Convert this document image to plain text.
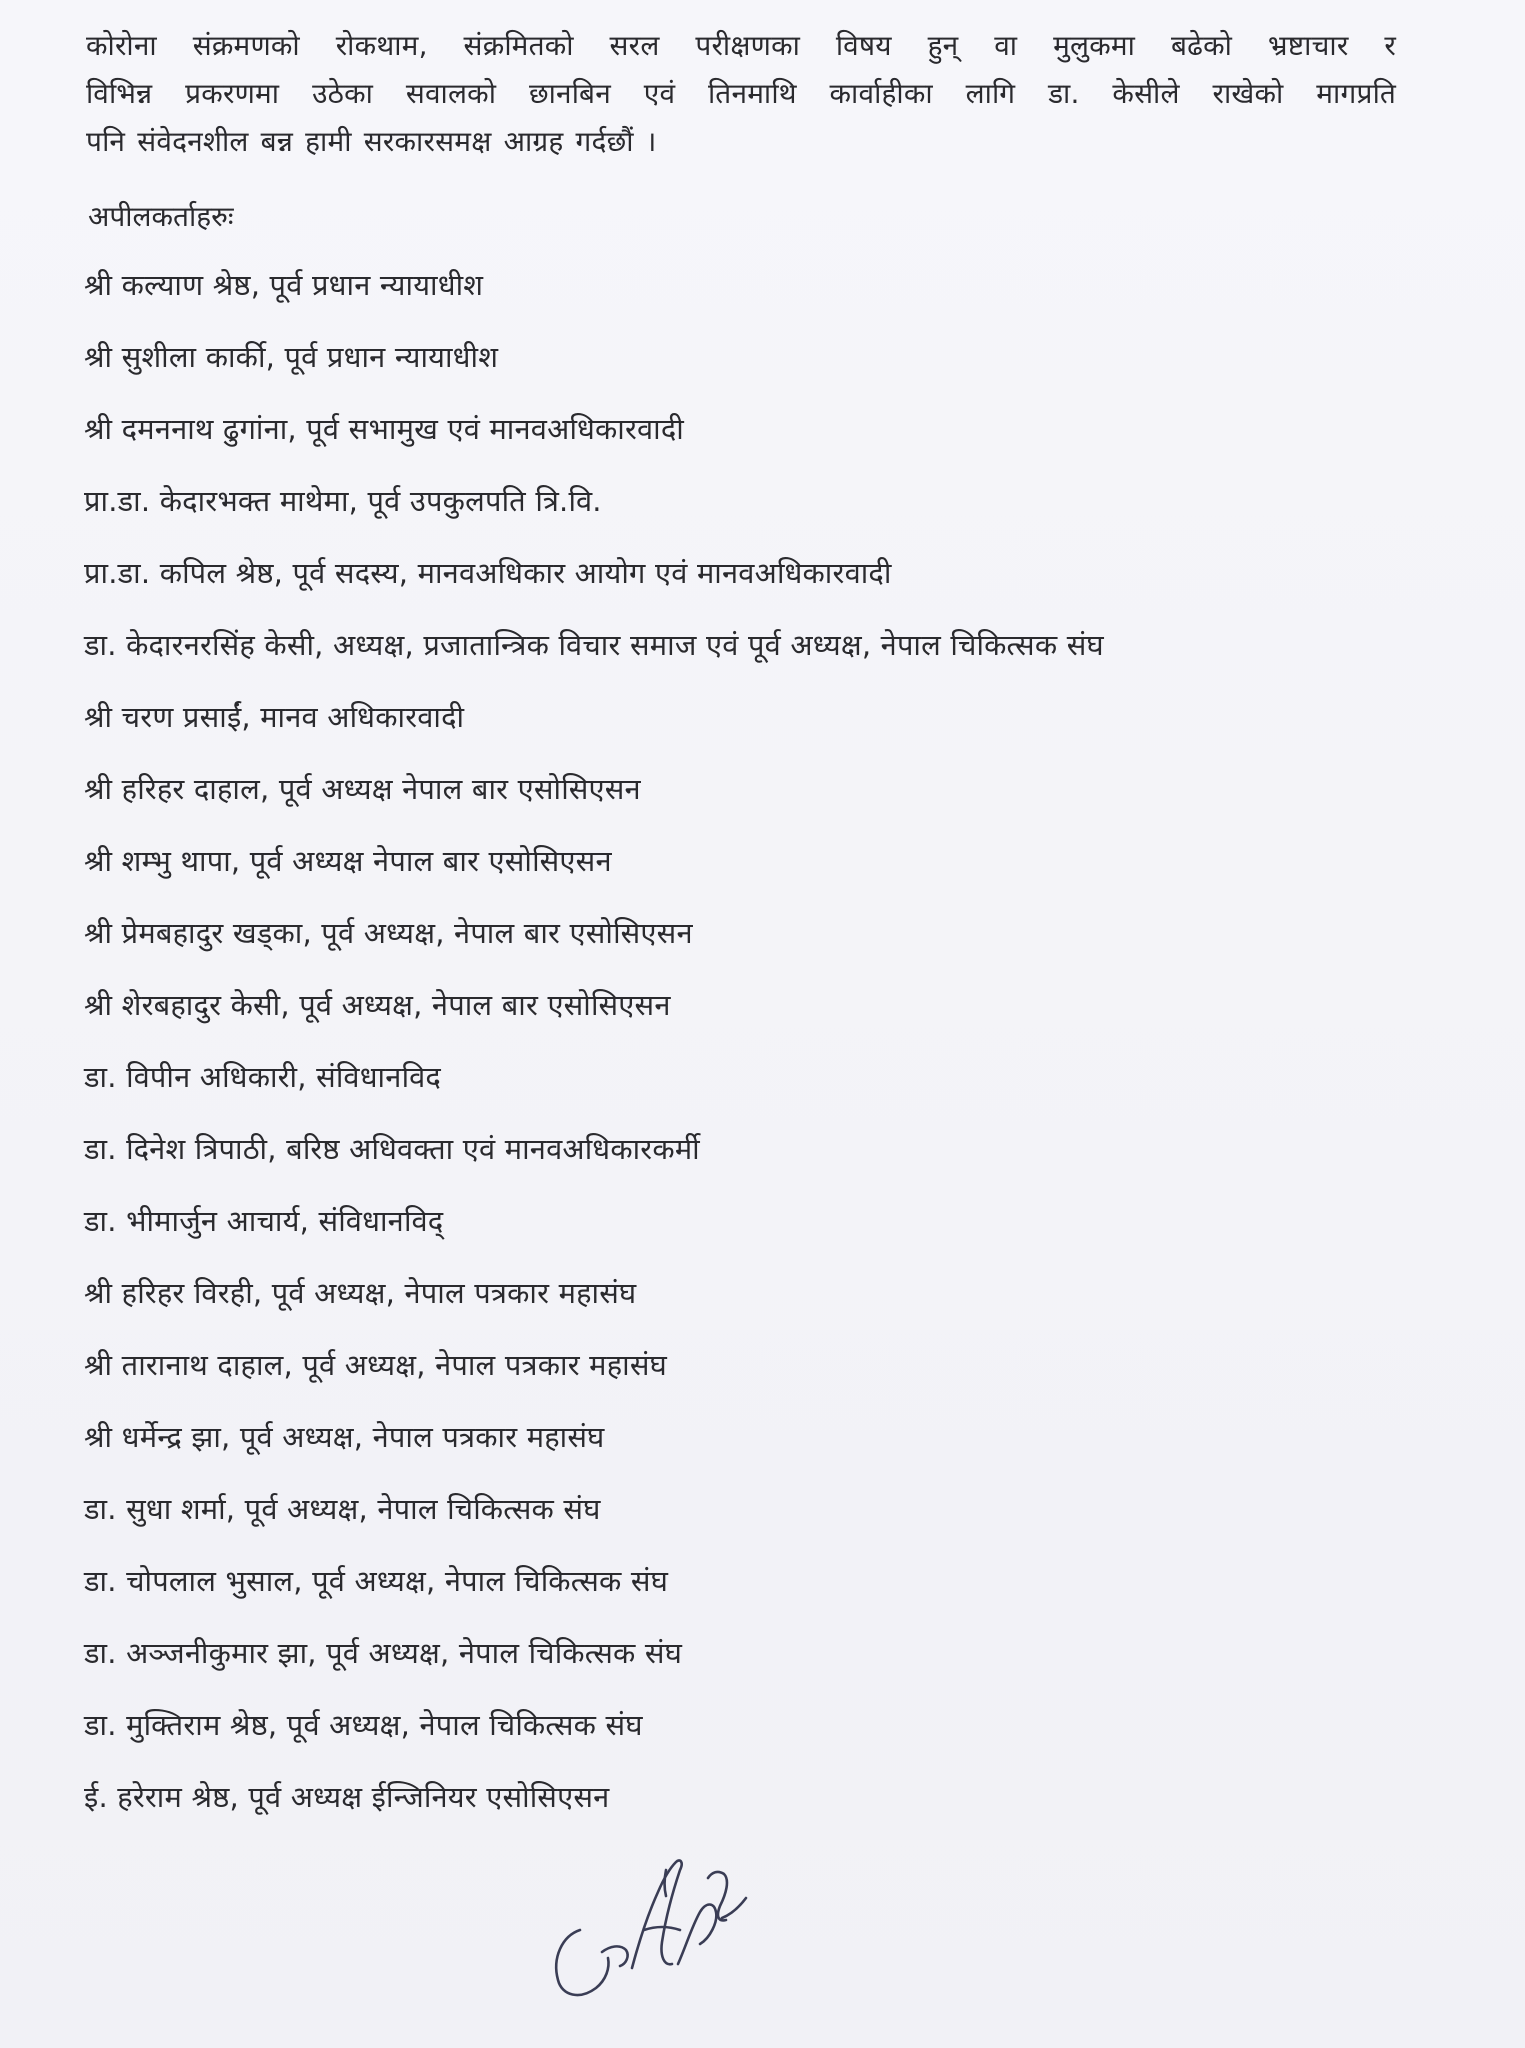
कोरोना संक्रमणको रोकथाम, संक्रमितको सरल परीक्षणका विषय हुन् वा मुलुकमा बढेको भ्रष्टाचार र
विभिन्न प्रकरणमा उठेका सवालको छानबिन एवं तिनमाथि कार्वाहीका लागि डा. केसीले राखेको मागप्रति
पनि संवेदनशील बन्न हामी सरकारसमक्ष आग्रह गर्दछौं ।

अपीलकर्ताहरुः

श्री कल्याण श्रेष्ठ, पूर्व प्रधान न्यायाधीश
श्री सुशीला कार्की, पूर्व प्रधान न्यायाधीश
श्री दमननाथ ढुगांना, पूर्व सभामुख एवं मानवअधिकारवादी
प्रा.डा. केदारभक्त माथेमा, पूर्व उपकुलपति त्रि.वि.
प्रा.डा. कपिल श्रेष्ठ, पूर्व सदस्य, मानवअधिकार आयोग एवं मानवअधिकारवादी
डा. केदारनरसिंह केसी, अध्यक्ष, प्रजातान्त्रिक विचार समाज एवं पूर्व अध्यक्ष, नेपाल चिकित्सक संघ
श्री चरण प्रसाईं, मानव अधिकारवादी
श्री हरिहर दाहाल, पूर्व अध्यक्ष नेपाल बार एसोसिएसन
श्री शम्भु थापा, पूर्व अध्यक्ष नेपाल बार एसोसिएसन
श्री प्रेमबहादुर खड्का, पूर्व अध्यक्ष, नेपाल बार एसोसिएसन
श्री शेरबहादुर केसी, पूर्व अध्यक्ष, नेपाल बार एसोसिएसन
डा. विपीन अधिकारी, संविधानविद
डा. दिनेश त्रिपाठी, बरिष्ठ अधिवक्ता एवं मानवअधिकारकर्मी
डा. भीमार्जुन आचार्य, संविधानविद्
श्री हरिहर विरही, पूर्व अध्यक्ष, नेपाल पत्रकार महासंघ
श्री तारानाथ दाहाल, पूर्व अध्यक्ष, नेपाल पत्रकार महासंघ
श्री धर्मेन्द्र झा, पूर्व अध्यक्ष, नेपाल पत्रकार महासंघ
डा. सुधा शर्मा, पूर्व अध्यक्ष, नेपाल चिकित्सक संघ
डा. चोपलाल भुसाल, पूर्व अध्यक्ष, नेपाल चिकित्सक संघ
डा. अञ्जनीकुमार झा, पूर्व अध्यक्ष, नेपाल चिकित्सक संघ
डा. मुक्तिराम श्रेष्ठ, पूर्व अध्यक्ष, नेपाल चिकित्सक संघ
ई. हरेराम श्रेष्ठ, पूर्व अध्यक्ष ईन्जिनियर एसोसिएसन
